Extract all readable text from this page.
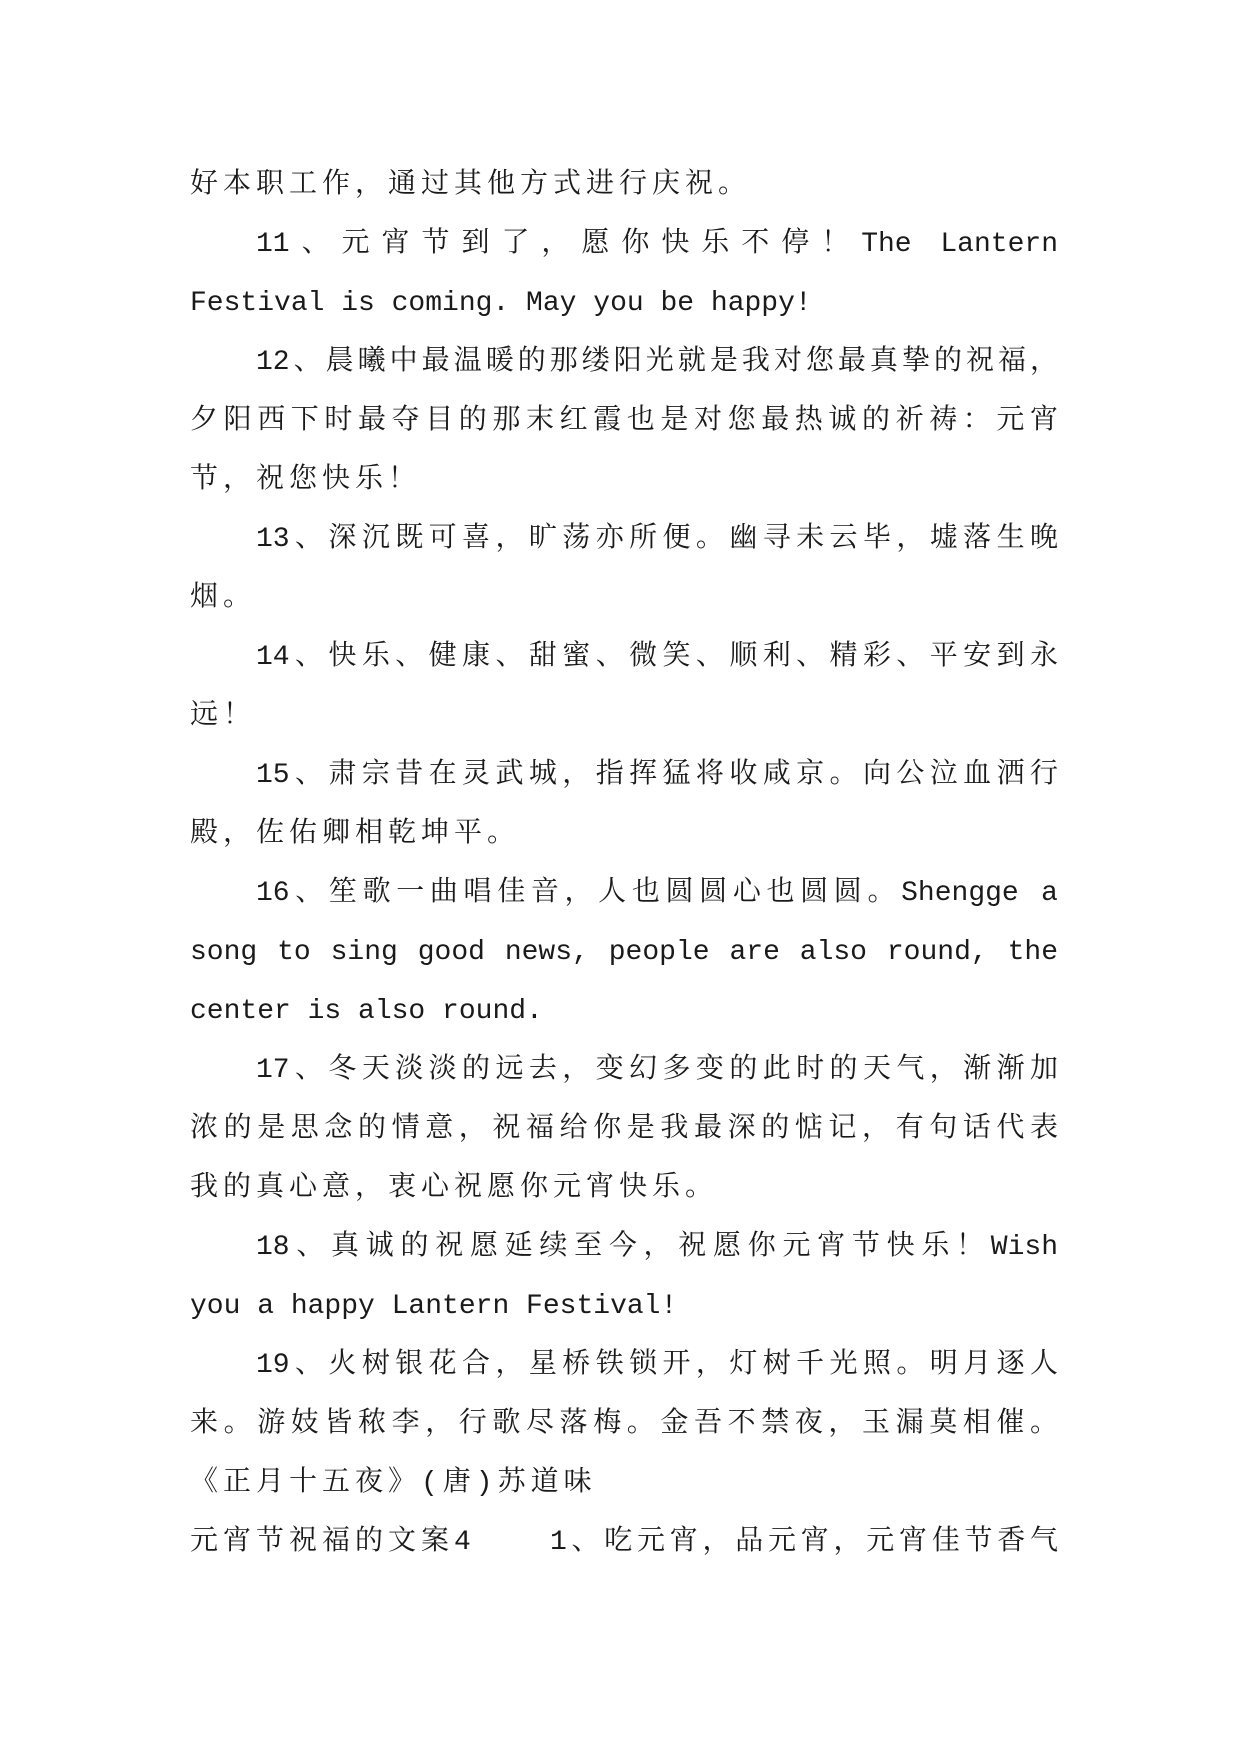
好本职工作，通过其他方式进行庆祝。
11、元宵节到了，愿你快乐不停！The Lantern
Festival is coming. May you be happy!
12、晨曦中最温暖的那缕阳光就是我对您最真挚的祝福，
夕阳西下时最夺目的那末红霞也是对您最热诚的祈祷：元宵
节，祝您快乐！
13、深沉既可喜，旷荡亦所便。幽寻未云毕，墟落生晚
烟。
14、快乐、健康、甜蜜、微笑、顺利、精彩、平安到永
远！
15、肃宗昔在灵武城，指挥猛将收咸京。向公泣血洒行
殿，佐佑卿相乾坤平。
16、笙歌一曲唱佳音，人也圆圆心也圆圆。Shengge a
song to sing good news, people are also round, the
center is also round.
17、冬天淡淡的远去，变幻多变的此时的天气，渐渐加
浓的是思念的情意，祝福给你是我最深的惦记，有句话代表
我的真心意，衷心祝愿你元宵快乐。
18、真诚的祝愿延续至今，祝愿你元宵节快乐！Wish
you a happy Lantern Festival!
19、火树银花合，星桥铁锁开，灯树千光照。明月逐人
来。游妓皆秾李，行歌尽落梅。金吾不禁夜，玉漏莫相催。
《正月十五夜》(唐)苏道味
元宵节祝福的文案4	1、吃元宵，品元宵，元宵佳节香气
